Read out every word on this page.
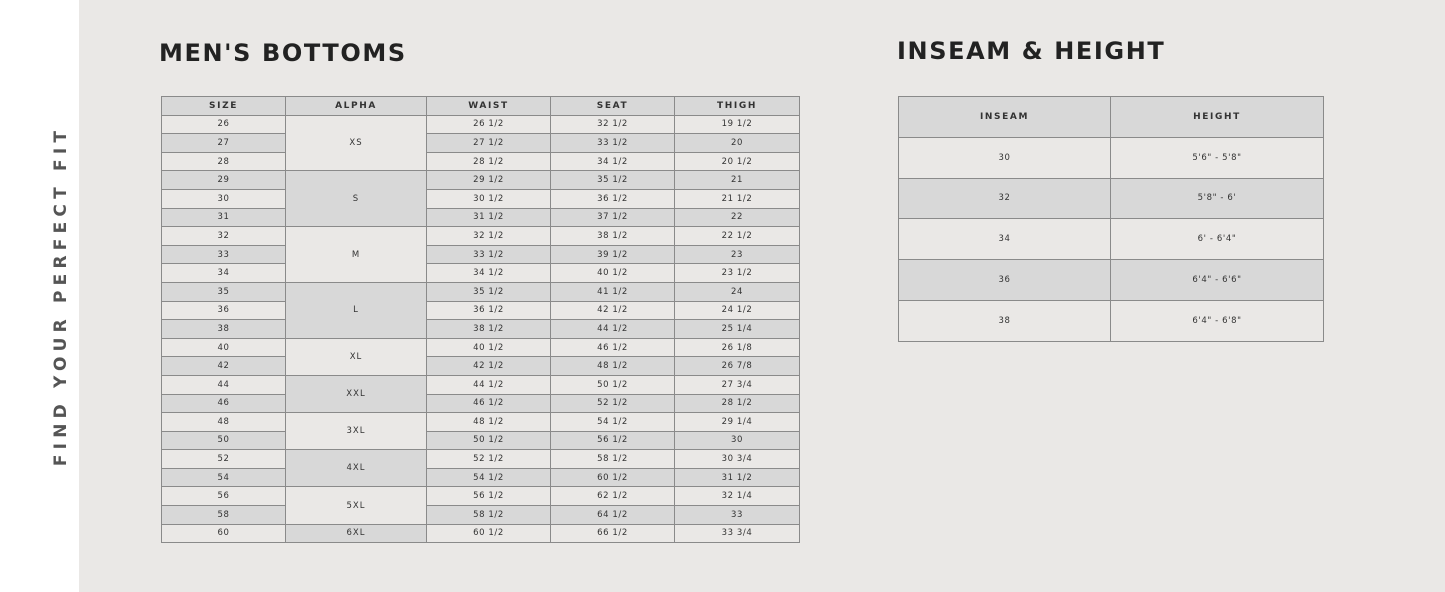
FIND YOUR PERFECT FIT
MEN'S BOTTOMS
SIZE	ALPHA	WAIST	SEAT	THIGH
26	XS	26 1/2	32 1/2	19 1/2
27		27 1/2	33 1/2	20
28		28 1/2	34 1/2	20 1/2
29	S	29 1/2	35 1/2	21
30		30 1/2	36 1/2	21 1/2
31		31 1/2	37 1/2	22
32	M	32 1/2	38 1/2	22 1/2
33		33 1/2	39 1/2	23
34		34 1/2	40 1/2	23 1/2
35	L	35 1/2	41 1/2	24
36		36 1/2	42 1/2	24 1/2
38		38 1/2	44 1/2	25 1/4
40	XL	40 1/2	46 1/2	26 1/8
42		42 1/2	48 1/2	26 7/8
44	XXL	44 1/2	50 1/2	27 3/4
46		46 1/2	52 1/2	28 1/2
48	3XL	48 1/2	54 1/2	29 1/4
50		50 1/2	56 1/2	30
52	4XL	52 1/2	58 1/2	30 3/4
54		54 1/2	60 1/2	31 1/2
56	5XL	56 1/2	62 1/2	32 1/4
58		58 1/2	64 1/2	33
60	6XL	60 1/2	66 1/2	33 3/4
INSEAM & HEIGHT
INSEAM	HEIGHT
30	5'6" - 5'8"
32	5'8" - 6'
34	6' - 6'4"
36	6'4" - 6'6"
38	6'4" - 6'8"
